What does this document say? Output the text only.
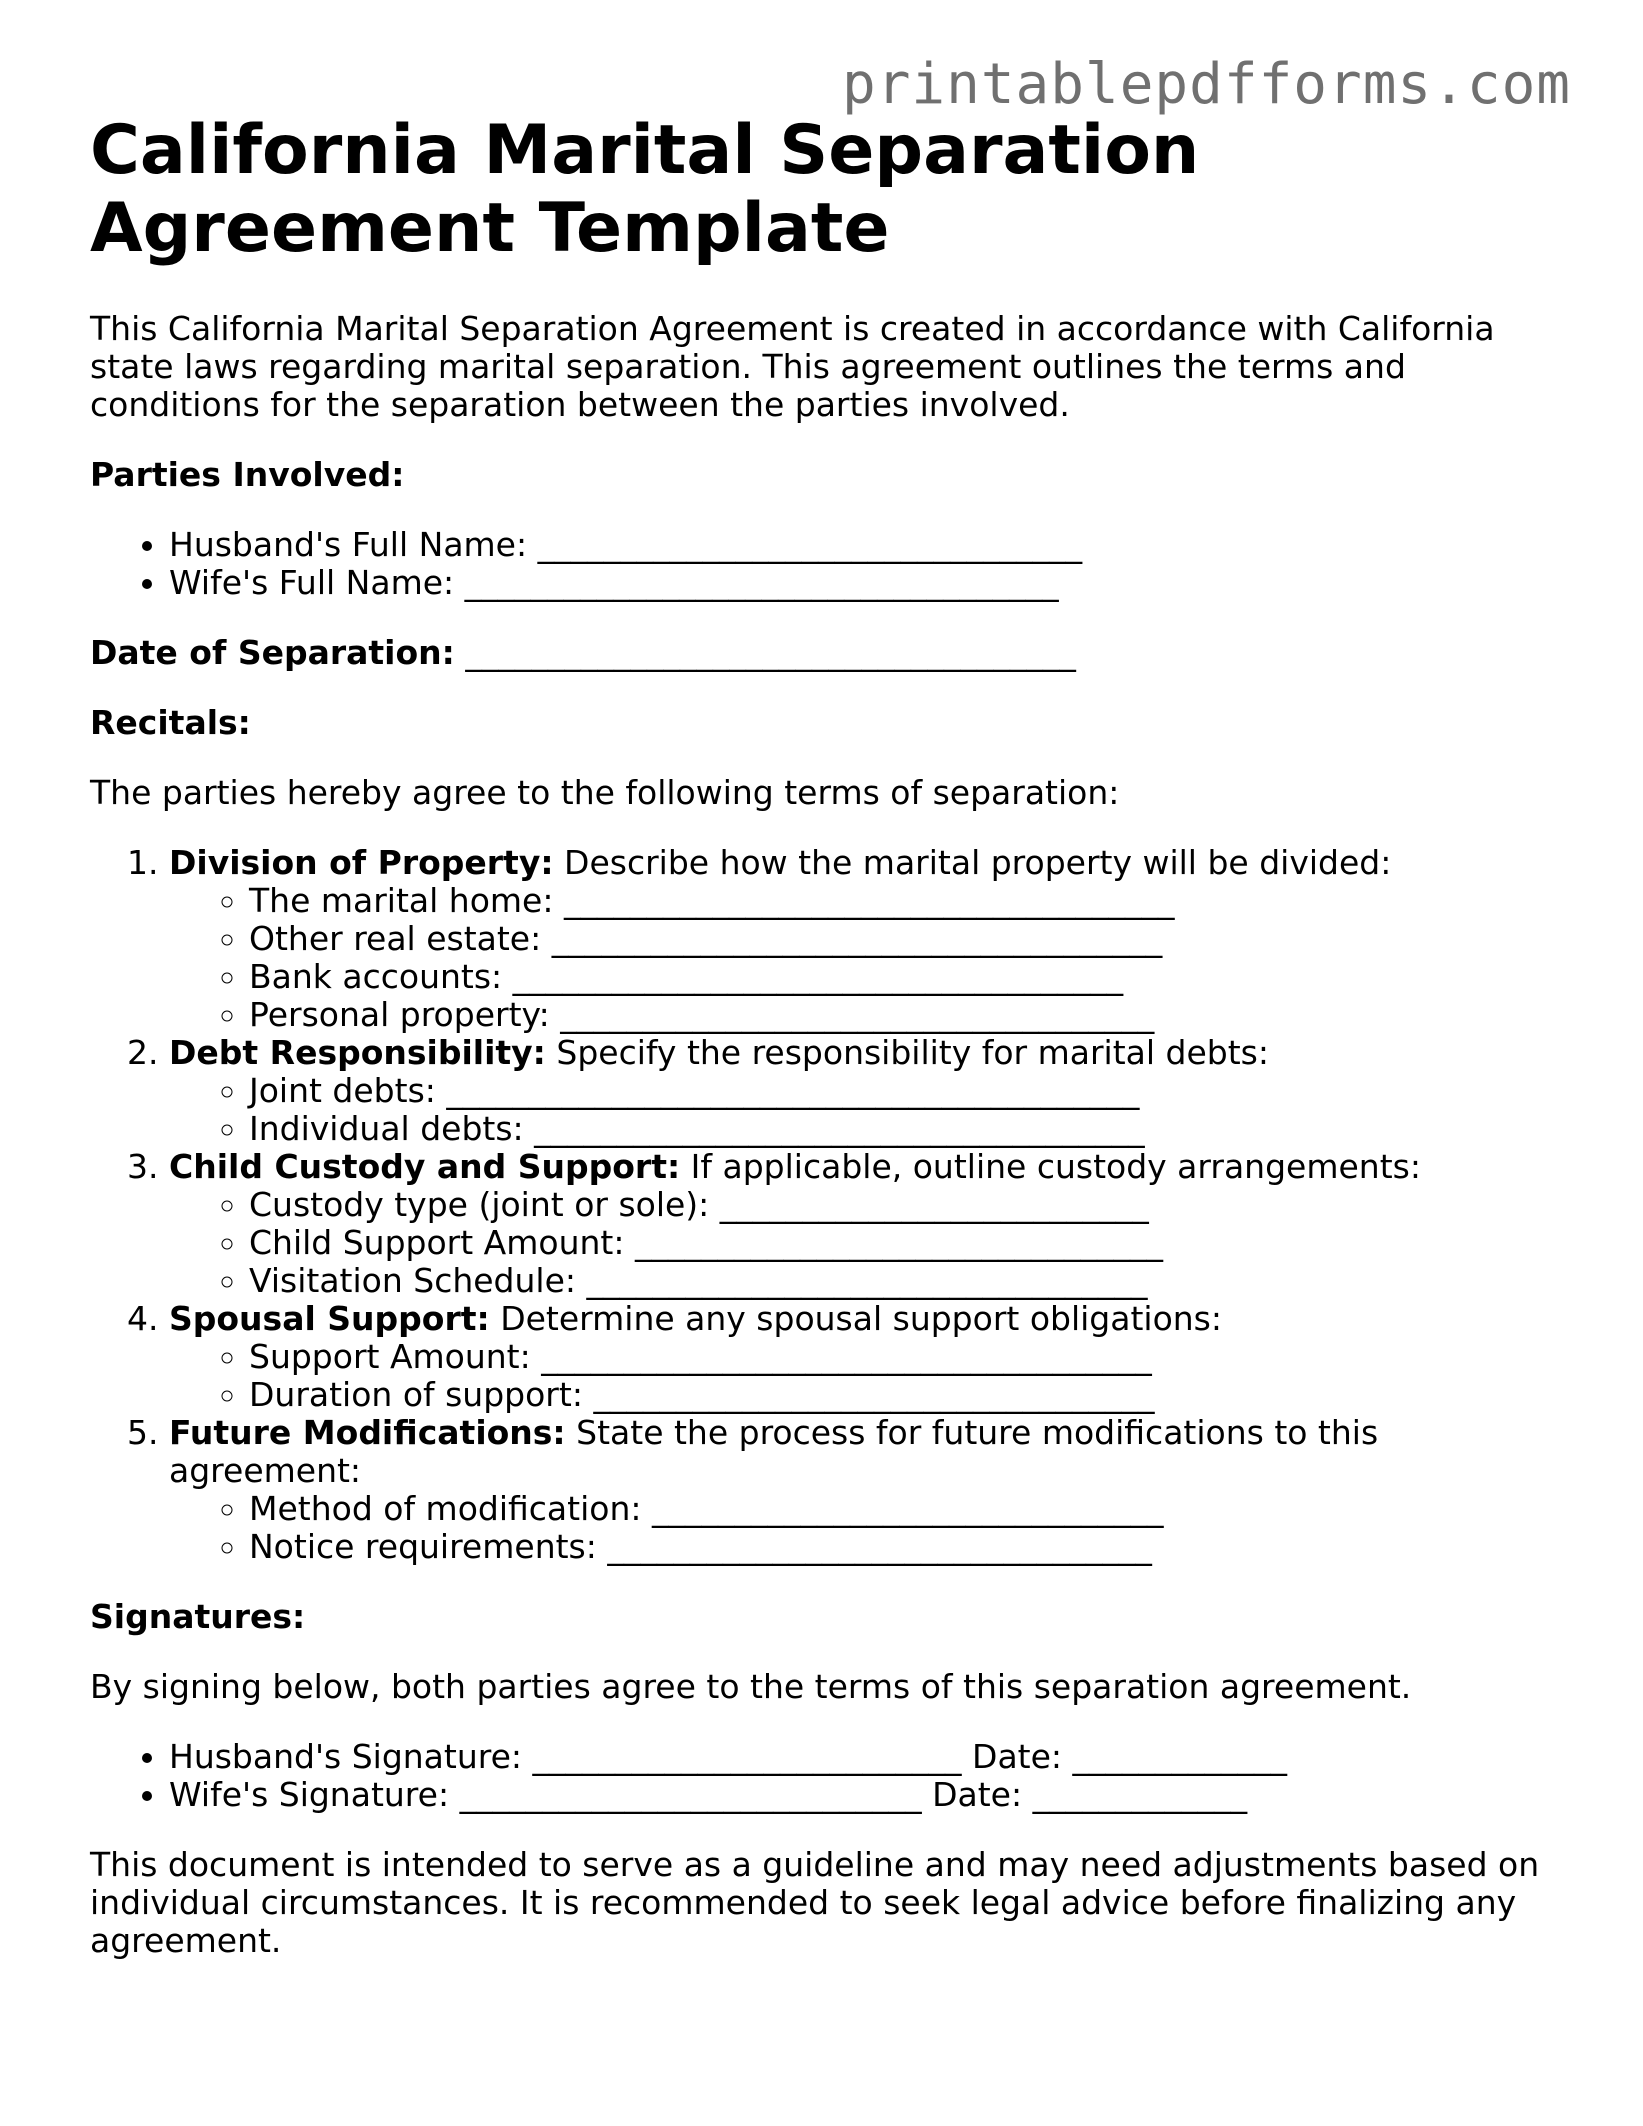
printablepdfforms.com
California Marital Separation Agreement Template

This California Marital Separation Agreement is created in accordance with California state laws regarding marital separation. This agreement outlines the terms and conditions for the separation between the parties involved.

Parties Involved:

• Husband's Full Name: _________________________________
• Wife's Full Name: ____________________________________

Date of Separation: _____________________________________

Recitals:

The parties hereby agree to the following terms of separation:

1. Division of Property: Describe how the marital property will be divided:
◦ The marital home: _____________________________________
◦ Other real estate: _____________________________________
◦ Bank accounts: _____________________________________
◦ Personal property: ____________________________________
2. Debt Responsibility: Specify the responsibility for marital debts:
◦ Joint debts: __________________________________________
◦ Individual debts: _____________________________________
3. Child Custody and Support: If applicable, outline custody arrangements:
◦ Custody type (joint or sole): __________________________
◦ Child Support Amount: ________________________________
◦ Visitation Schedule: __________________________________
4. Spousal Support: Determine any spousal support obligations:
◦ Support Amount: _____________________________________
◦ Duration of support: __________________________________
5. Future Modifications: State the process for future modifications to this agreement:
◦ Method of modification: _______________________________
◦ Notice requirements: _________________________________

Signatures:

By signing below, both parties agree to the terms of this separation agreement.

• Husband's Signature: __________________________ Date: _____________
• Wife's Signature: ____________________________ Date: _____________

This document is intended to serve as a guideline and may need adjustments based on individual circumstances. It is recommended to seek legal advice before finalizing any agreement.
